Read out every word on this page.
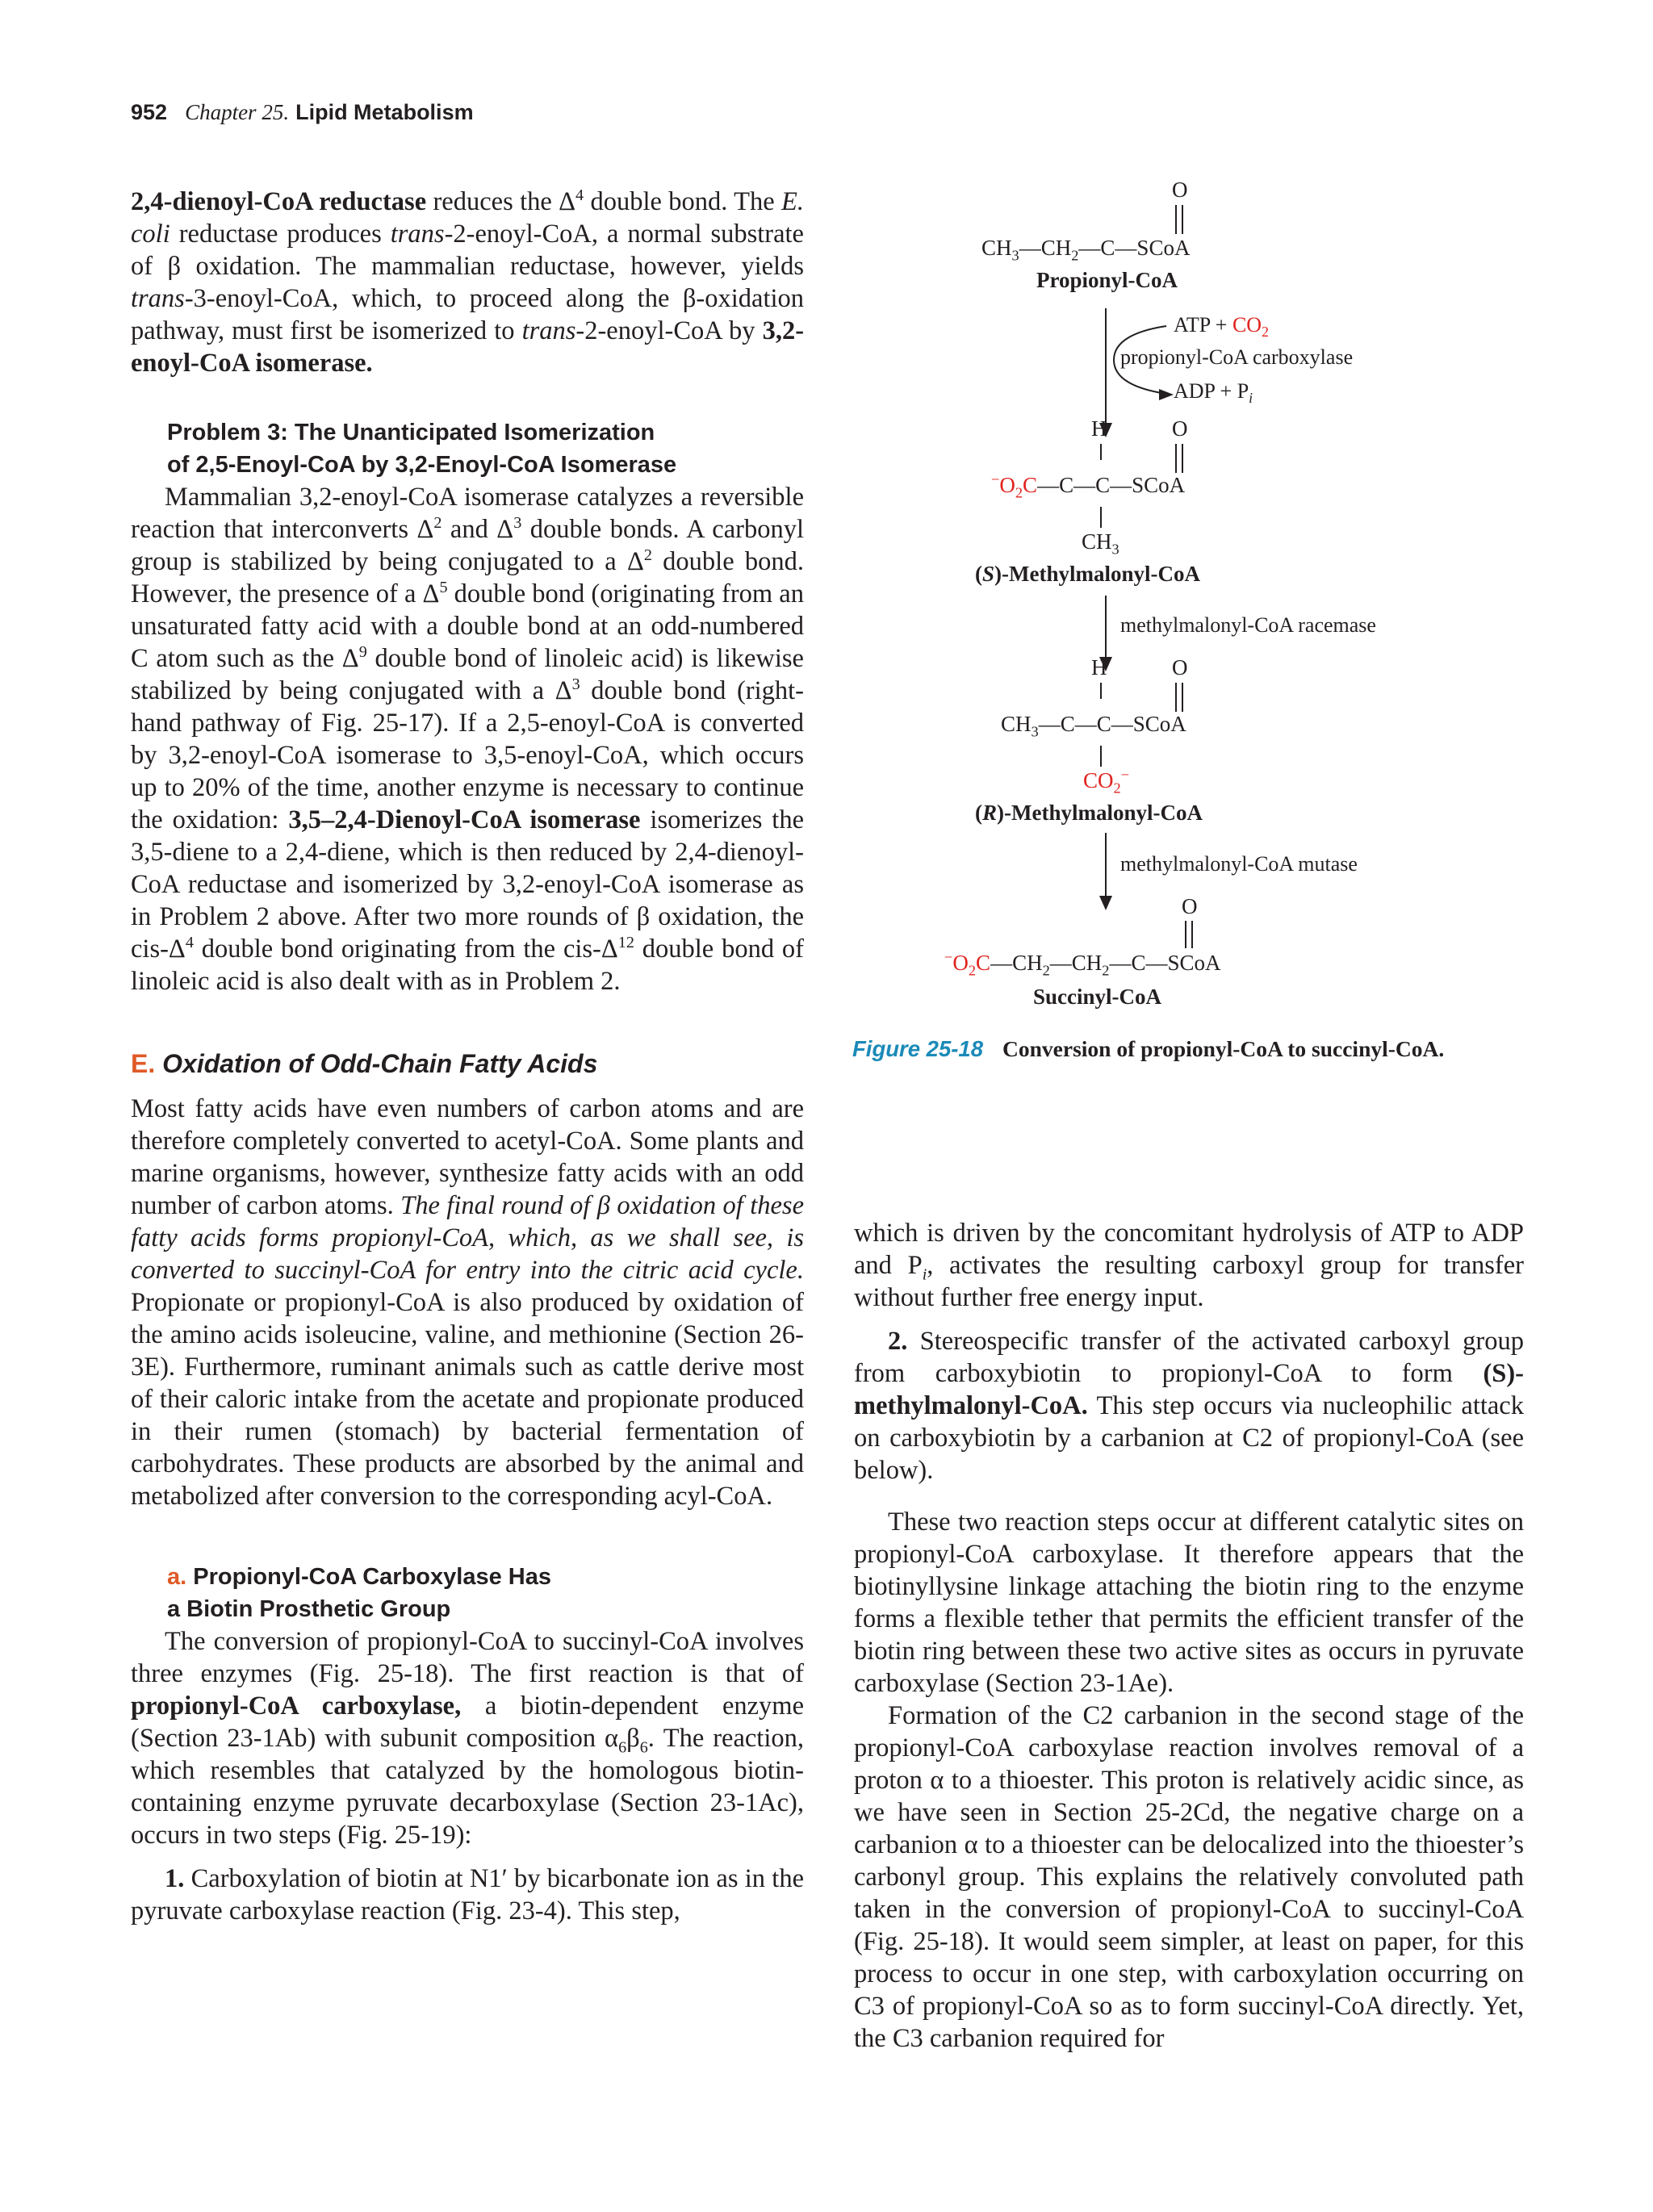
952 Chapter 25. Lipid Metabolism

2,4-dienoyl-CoA reductase reduces the $\Delta^4$ double bond. The E. coli reductase produces trans-2-enoyl-CoA, a normal substrate of β oxidation. The mammalian reductase, however, yields trans-3-enoyl-CoA, which, to proceed along the β-oxidation pathway, must first be isomerized to trans-2-enoyl-CoA by 3,2-enoyl-CoA isomerase.

Problem 3: The Unanticipated Isomerization
of 2,5-Enoyl-CoA by 3,2-Enoyl-CoA Isomerase

Mammalian 3,2-enoyl-CoA isomerase catalyzes a reversible reaction that interconverts $\Delta^2$ and $\Delta^3$ double bonds. A carbonyl group is stabilized by being conjugated to a $\Delta^2$ double bond. However, the presence of a $\Delta^5$ double bond (originating from an unsaturated fatty acid with a double bond at an odd-numbered C atom such as the $\Delta^9$ double bond of linoleic acid) is likewise stabilized by being conjugated with a $\Delta^3$ double bond (right-hand pathway of Fig. 25-17). If a 2,5-enoyl-CoA is converted by 3,2-enoyl-CoA isomerase to 3,5-enoyl-CoA, which occurs up to 20% of the time, another enzyme is necessary to continue the oxidation: 3,5–2,4-Dienoyl-CoA isomerase isomerizes the 3,5-diene to a 2,4-diene, which is then reduced by 2,4-dienoyl-CoA reductase and isomerized by 3,2-enoyl-CoA isomerase as in Problem 2 above. After two more rounds of β oxidation, the cis-$\Delta^4$ double bond originating from the cis-$\Delta^{12}$ double bond of linoleic acid is also dealt with as in Problem 2.

E. Oxidation of Odd-Chain Fatty Acids

Most fatty acids have even numbers of carbon atoms and are therefore completely converted to acetyl-CoA. Some plants and marine organisms, however, synthesize fatty acids with an odd number of carbon atoms. The final round of β oxidation of these fatty acids forms propionyl-CoA, which, as we shall see, is converted to succinyl-CoA for entry into the citric acid cycle. Propionate or propionyl-CoA is also produced by oxidation of the amino acids isoleucine, valine, and methionine (Section 26-3E). Furthermore, ruminant animals such as cattle derive most of their caloric intake from the acetate and propionate produced in their rumen (stomach) by bacterial fermentation of carbohydrates. These products are absorbed by the animal and metabolized after conversion to the corresponding acyl-CoA.

a. Propionyl-CoA Carboxylase Has
a Biotin Prosthetic Group

The conversion of propionyl-CoA to succinyl-CoA involves three enzymes (Fig. 25-18). The first reaction is that of propionyl-CoA carboxylase, a biotin-dependent enzyme (Section 23-1Ab) with subunit composition $\alpha_6\beta_6$. The reaction, which resembles that catalyzed by the homologous biotin-containing enzyme pyruvate decarboxylase (Section 23-1Ac), occurs in two steps (Fig. 25-19):

1. Carboxylation of biotin at N1′ by bicarbonate ion as in the pyruvate carboxylase reaction (Fig. 23-4). This step,

which is driven by the concomitant hydrolysis of ATP to ADP and $P_i$, activates the resulting carboxyl group for transfer without further free energy input.

2. Stereospecific transfer of the activated carboxyl group from carboxybiotin to propionyl-CoA to form (S)-methylmalonyl-CoA. This step occurs via nucleophilic attack on carboxybiotin by a carbanion at C2 of propionyl-CoA (see below).

These two reaction steps occur at different catalytic sites on propionyl-CoA carboxylase. It therefore appears that the biotinyllysine linkage attaching the biotin ring to the enzyme forms a flexible tether that permits the efficient transfer of the biotin ring between these two active sites as occurs in pyruvate carboxylase (Section 23-1Ae).

Formation of the C2 carbanion in the second stage of the propionyl-CoA carboxylase reaction involves removal of a proton α to a thioester. This proton is relatively acidic since, as we have seen in Section 25-2Cd, the negative charge on a carbanion α to a thioester can be delocalized into the thioester’s carbonyl group. This explains the relatively convoluted path taken in the conversion of propionyl-CoA to succinyl-CoA (Fig. 25-18). It would seem simpler, at least on paper, for this process to occur in one step, with carboxylation occurring on C3 of propionyl-CoA so as to form succinyl-CoA directly. Yet, the C3 carbanion required for

O
$CH_3—CH_2—C—SCoA$
Propionyl-CoA
ATP + $CO_2$
propionyl-CoA carboxylase
ADP + $P_i$
H	O
$^-O_2C—C—C—SCoA$
$CH_3$
(S)-Methylmalonyl-CoA
methylmalonyl-CoA racemase
H	O
$CH_3—C—C—SCoA$
$CO_2^-$
(R)-Methylmalonyl-CoA
methylmalonyl-CoA mutase
O
$^-O_2C—CH_2—CH_2—C—SCoA$
Succinyl-CoA
Figure 25-18 Conversion of propionyl-CoA to succinyl-CoA.
